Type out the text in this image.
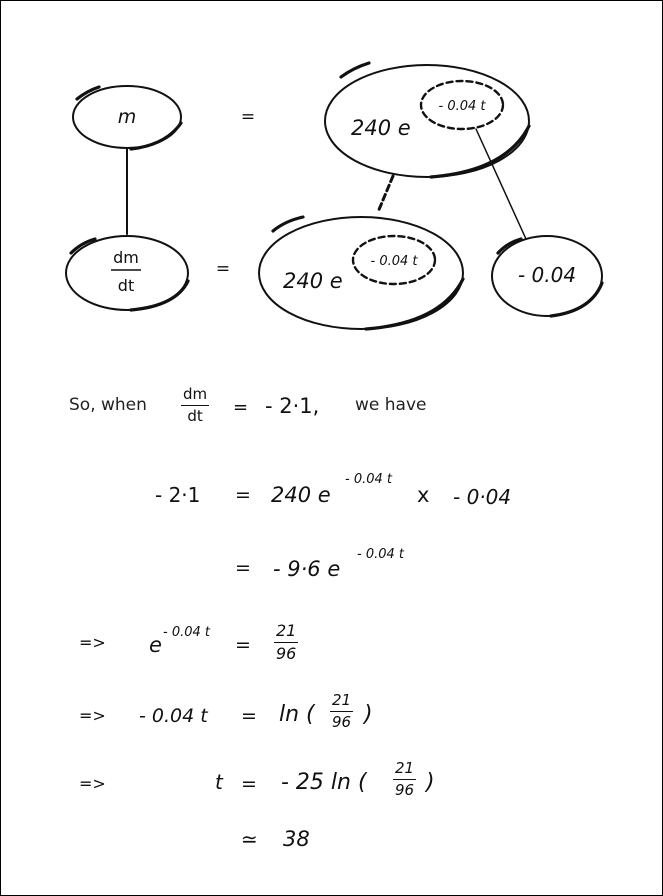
m	=	240 e
- 0.04 t
dm
dt
=	240 e
- 0.04 t
- 0.04
So, when $\frac{dm}{dt}$ = - 2·1, we have
- 2·1 = 240 e
- 0.04 t
x - 0·04
= - 9·6 e
- 0.04 t
=> e
- 0.04 t
= $\frac{21}{96}$
=> - 0.04 t = ln ( $\frac{21}{96}$ )
=>	t = - 25 ln ( $\frac{21}{96}$ )
≃ 38
